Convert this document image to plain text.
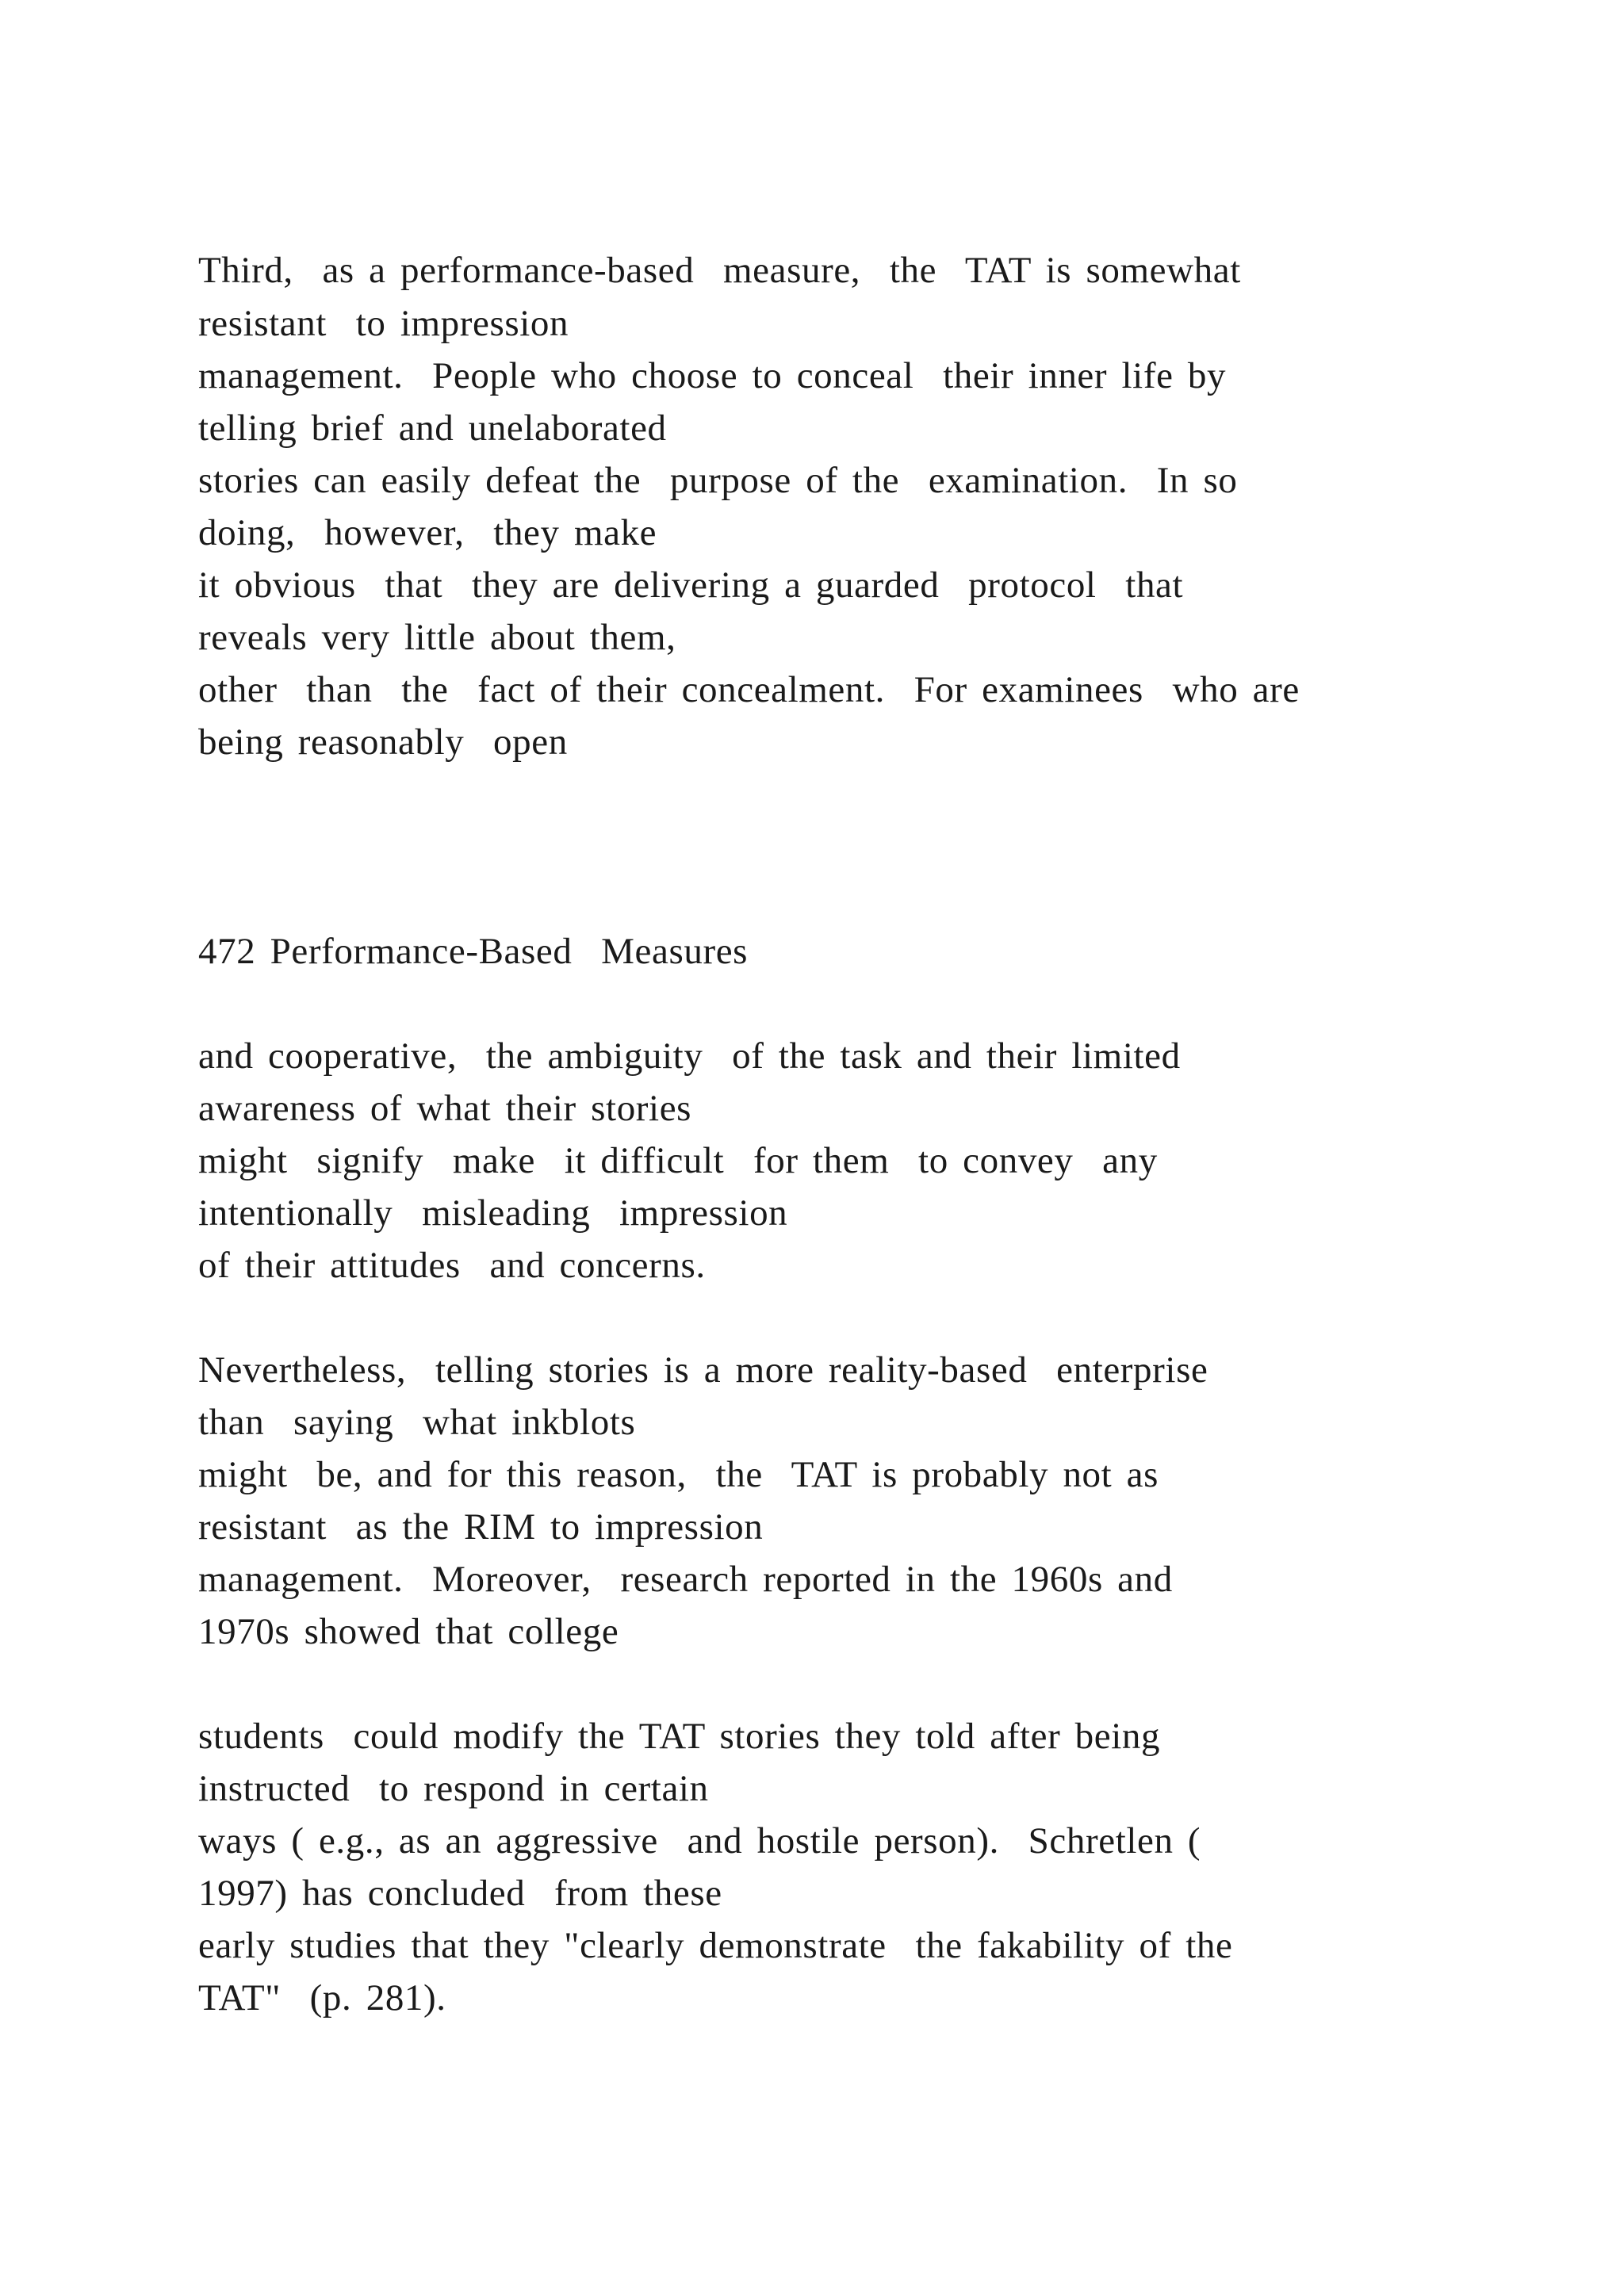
Third,  as a performance-based  measure,  the  TAT is somewhat

resistant  to impression

management.  People who choose to conceal  their inner life by

telling brief and unelaborated

stories can easily defeat the  purpose of the  examination.  In so

doing,  however,  they make

it obvious  that  they are delivering a guarded  protocol  that

reveals very little about them,

other  than  the  fact of their concealment.  For examinees  who are

being reasonably  open

472 Performance-Based  Measures

and cooperative,  the ambiguity  of the task and their limited

awareness of what their stories

might  signify  make  it difficult  for them  to convey  any

intentionally  misleading  impression

of their attitudes  and concerns.

Nevertheless,  telling stories is a more reality-based  enterprise

than  saying  what inkblots

might  be, and for this reason,  the  TAT is probably not as

resistant  as the RIM to impression

management.  Moreover,  research reported in the 1960s and

1970s showed that college

students  could modify the TAT stories they told after being

instructed  to respond in certain

ways ( e.g., as an aggressive  and hostile person).  Schretlen (

1997) has concluded  from these

early studies that they "clearly demonstrate  the fakability of the

TAT"  (p. 281).
